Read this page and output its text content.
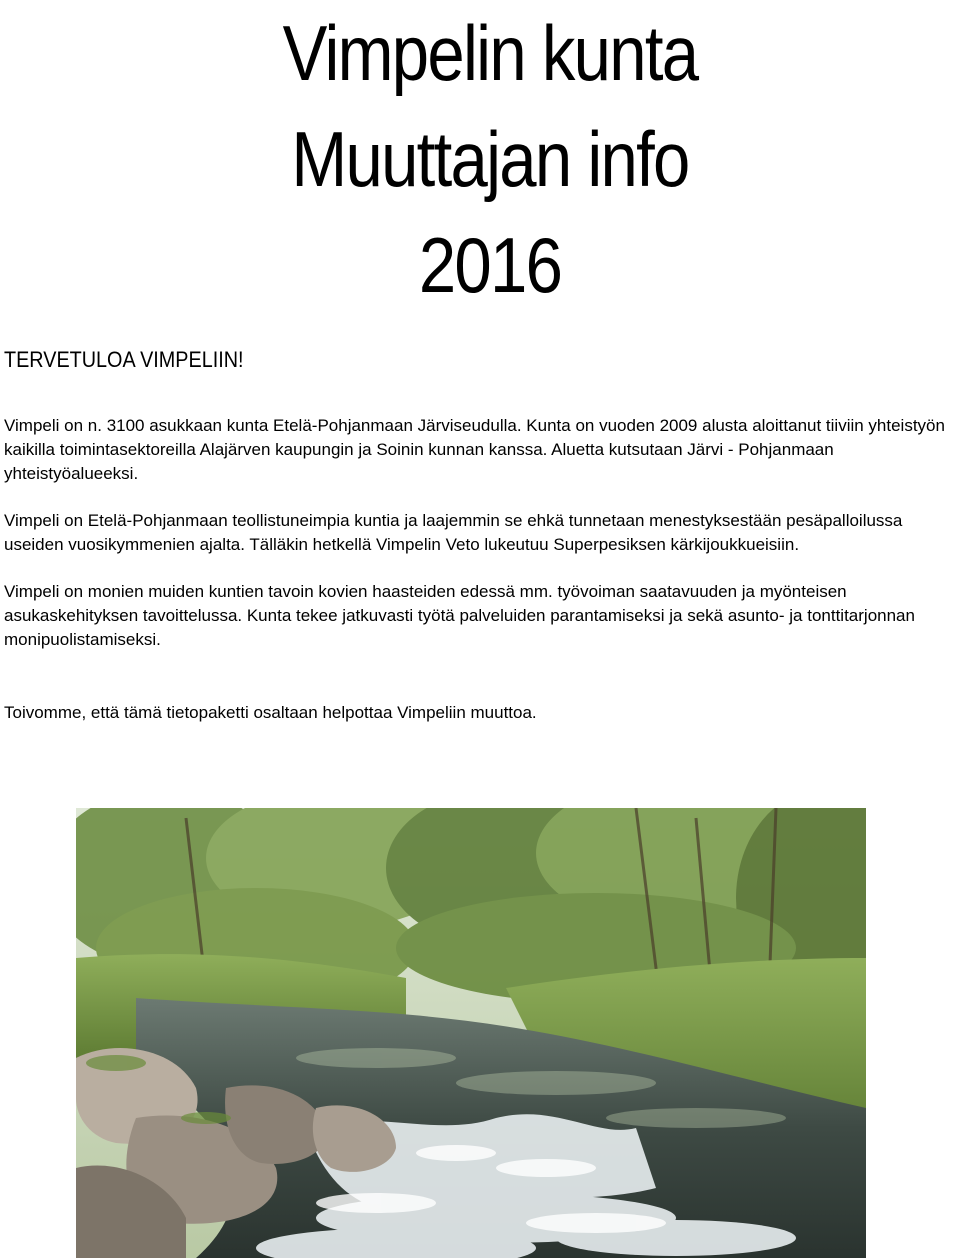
Vimpelin kunta
Muuttajan info
2016
TERVETULOA VIMPELIIN!

Vimpeli on n. 3100 asukkaan kunta Etelä-Pohjanmaan Järviseudulla. Kunta on vuoden 2009 alusta aloittanut tiiviin yhteistyön kaikilla toimintasektoreilla Alajärven kaupungin ja Soinin kunnan kanssa. Aluetta kutsutaan Järvi - Pohjanmaan yhteistyöalueeksi.

Vimpeli on Etelä-Pohjanmaan teollistuneimpia kuntia ja laajemmin se ehkä tunnetaan menestyksestään pesäpalloilussa useiden vuosikymmenien ajalta. Tälläkin hetkellä Vimpelin Veto lukeutuu Superpesiksen kärkijoukkueisiin.

Vimpeli on monien muiden kuntien tavoin kovien haasteiden edessä mm. työvoiman saatavuuden ja myönteisen asukaskehityksen tavoittelussa. Kunta tekee jatkuvasti työtä palveluiden parantamiseksi ja sekä asunto- ja tonttitarjonnan monipuolistamiseksi.

Toivomme, että tämä tietopaketti osaltaan helpottaa Vimpeliin muuttoa.
